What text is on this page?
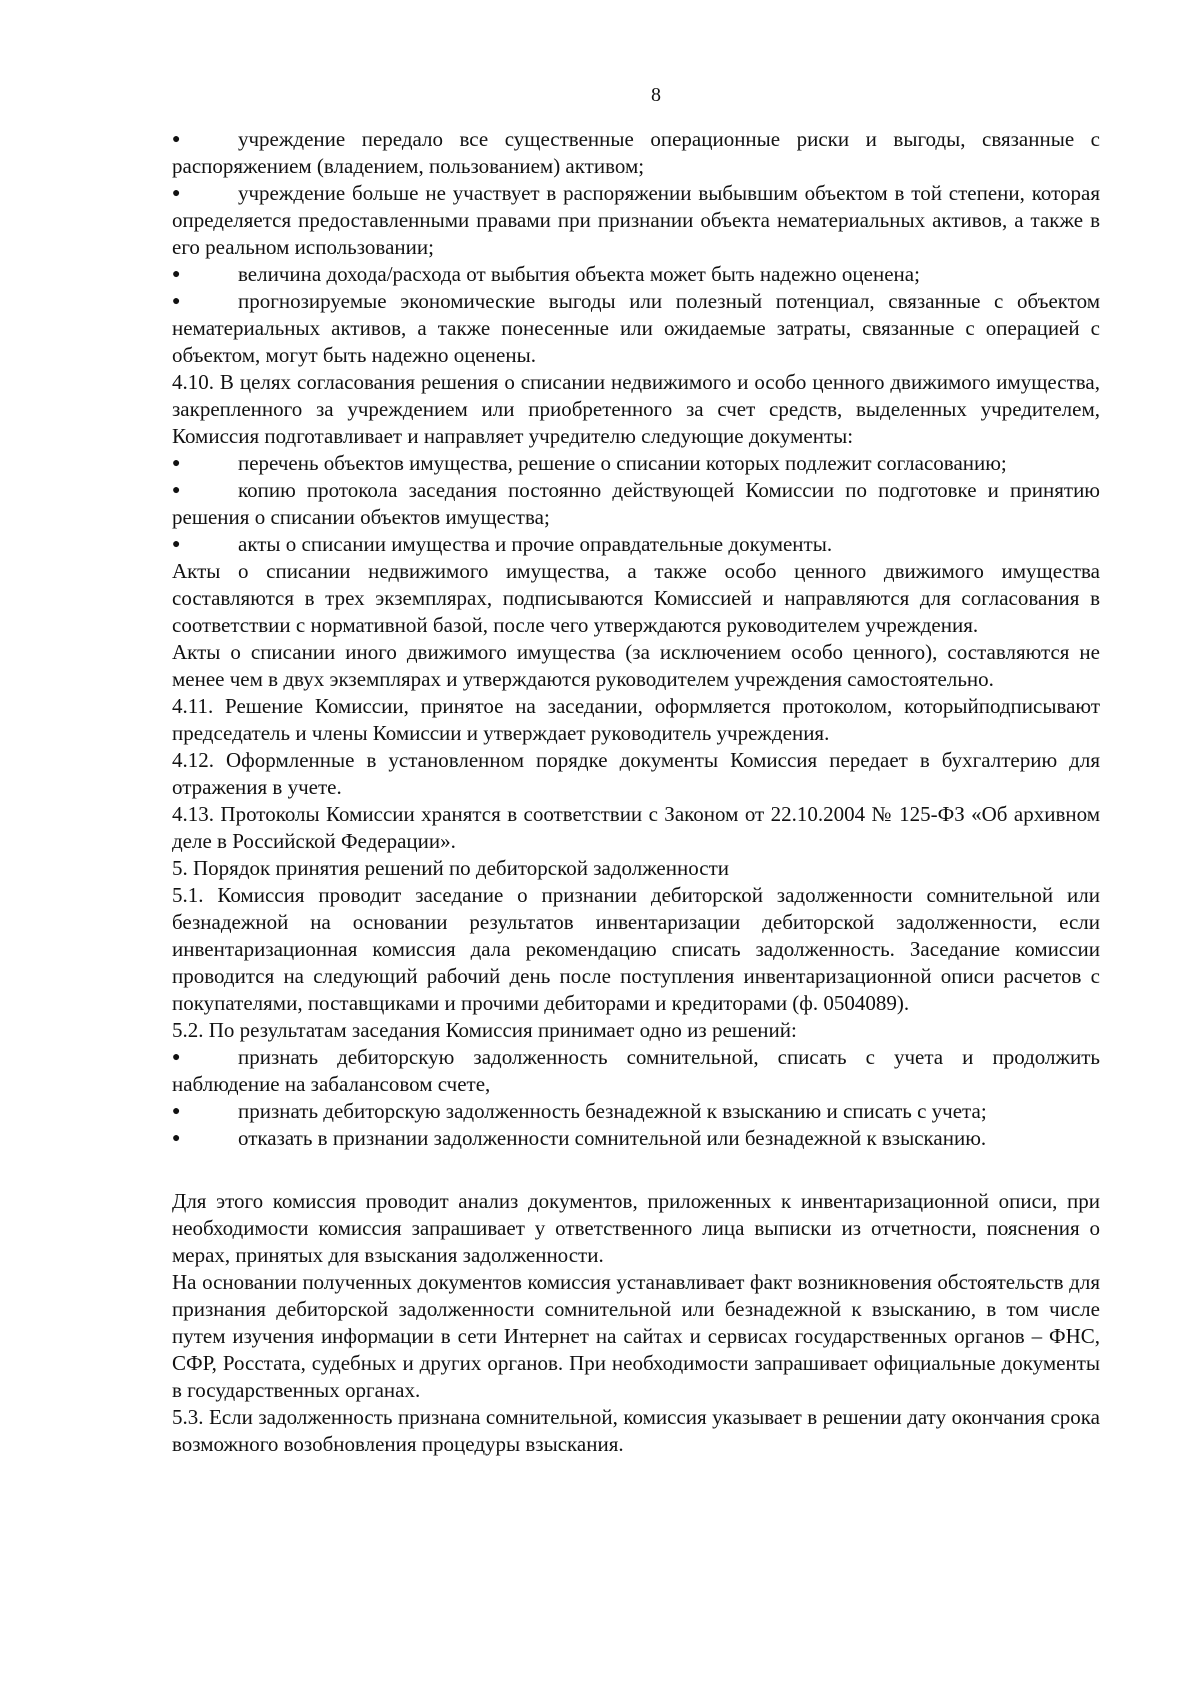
8
●	учреждение передало все существенные операционные риски и выгоды, связанные с распоряжением (владением, пользованием) активом;
●	учреждение больше не участвует в распоряжении выбывшим объектом в той степени, которая определяется предоставленными правами при признании объекта нематериальных активов, а также в его реальном использовании;
●	величина дохода/расхода от выбытия объекта может быть надежно оценена;
●	прогнозируемые экономические выгоды или полезный потенциал, связанные с объектом нематериальных активов, а также понесенные или ожидаемые затраты, связанные с операцией с объектом, могут быть надежно оценены.
4.10. В целях согласования решения о списании недвижимого и особо ценного движимого имущества, закрепленного за учреждением или приобретенного за счет средств, выделенных учредителем, Комиссия подготавливает и направляет учредителю следующие документы:
●	перечень объектов имущества, решение о списании которых подлежит согласованию;
●	копию протокола заседания постоянно действующей Комиссии по подготовке и принятию решения о списании объектов имущества;
●	акты о списании имущества и прочие оправдательные документы.
Акты о списании недвижимого имущества, а также особо ценного движимого имущества составляются в трех экземплярах, подписываются Комиссией и направляются для согласования в соответствии с нормативной базой, после чего утверждаются руководителем учреждения.
Акты о списании иного движимого имущества (за исключением особо ценного), составляются не менее чем в двух экземплярах и утверждаются руководителем учреждения самостоятельно.
4.11. Решение Комиссии, принятое на заседании, оформляется протоколом, которыйподписывают председатель и члены Комиссии и утверждает руководитель учреждения.
4.12. Оформленные в установленном порядке документы Комиссия передает в бухгалтерию для отражения в учете.
4.13. Протоколы Комиссии хранятся в соответствии с Законом от 22.10.2004 № 125-ФЗ «Об архивном деле в Российской Федерации».
5. Порядок принятия решений по дебиторской задолженности
5.1. Комиссия проводит заседание о признании дебиторской задолженности сомнительной или безнадежной на основании результатов инвентаризации дебиторской задолженности, если инвентаризационная комиссия дала рекомендацию списать задолженность. Заседание комиссии проводится на следующий рабочий день после поступления инвентаризационной описи расчетов с покупателями, поставщиками и прочими дебиторами и кредиторами (ф. 0504089).
5.2. По результатам заседания Комиссия принимает одно из решений:
●	признать дебиторскую задолженность сомнительной, списать с учета и продолжить наблюдение на забалансовом счете,
●	признать дебиторскую задолженность безнадежной к взысканию и списать с учета;
●	отказать в признании задолженности сомнительной или безнадежной к взысканию.
Для этого комиссия проводит анализ документов, приложенных к инвентаризационной описи, при необходимости комиссия запрашивает у ответственного лица выписки из отчетности, пояснения о мерах, принятых для взыскания задолженности.
На основании полученных документов комиссия устанавливает факт возникновения обстоятельств для признания дебиторской задолженности сомнительной или безнадежной к взысканию, в том числе путем изучения информации в сети Интернет на сайтах и сервисах государственных органов – ФНС, СФР, Росстата, судебных и других органов. При необходимости запрашивает официальные документы в государственных органах.
5.3. Если задолженность признана сомнительной, комиссия указывает в решении дату окончания срока возможного возобновления процедуры взыскания.
